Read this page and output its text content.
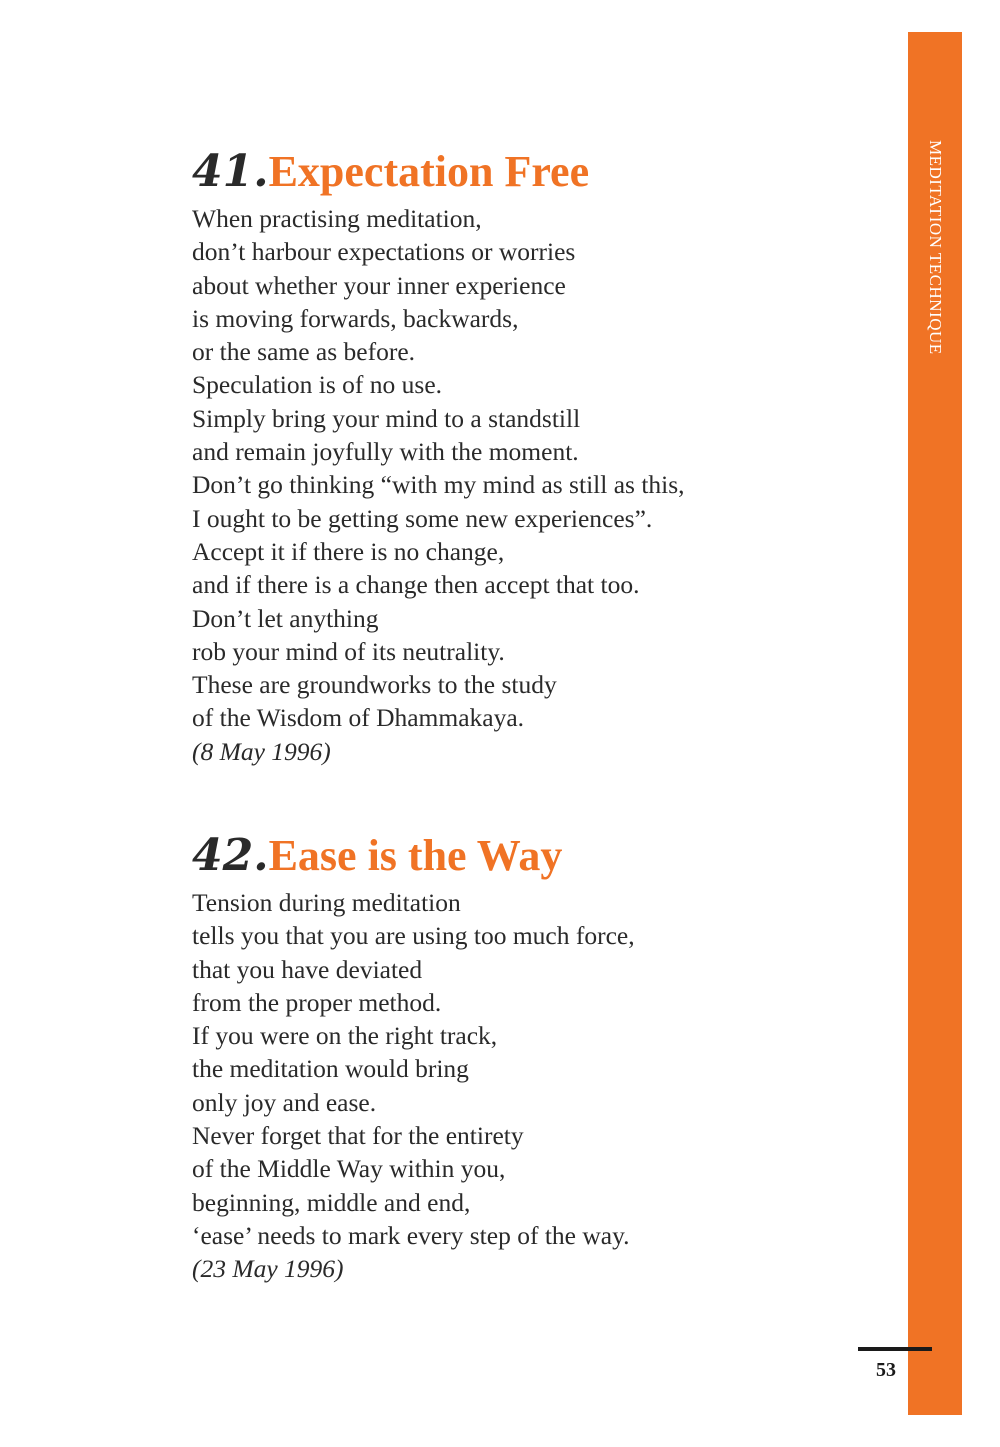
MEDITATION TECHNIQUE
41.Expectation Free
When practising meditation,
don’t harbour expectations or worries
about whether your inner experience
is moving forwards, backwards,
or the same as before.
Speculation is of no use.
Simply bring your mind to a standstill
and remain joyfully with the moment.
Don’t go thinking “with my mind as still as this,
I ought to be getting some new experiences”.
Accept it if there is no change,
and if there is a change then accept that too.
Don’t let anything
rob your mind of its neutrality.
These are groundworks to the study
of the Wisdom of Dhammakaya.

(8 May 1996)

42.Ease is the Way
Tension during meditation
tells you that you are using too much force,
that you have deviated
from the proper method.
If you were on the right track,
the meditation would bring
only joy and ease.
Never forget that for the entirety
of the Middle Way within you,
beginning, middle and end,
‘ease’ needs to mark every step of the way.

(23 May 1996)

53
